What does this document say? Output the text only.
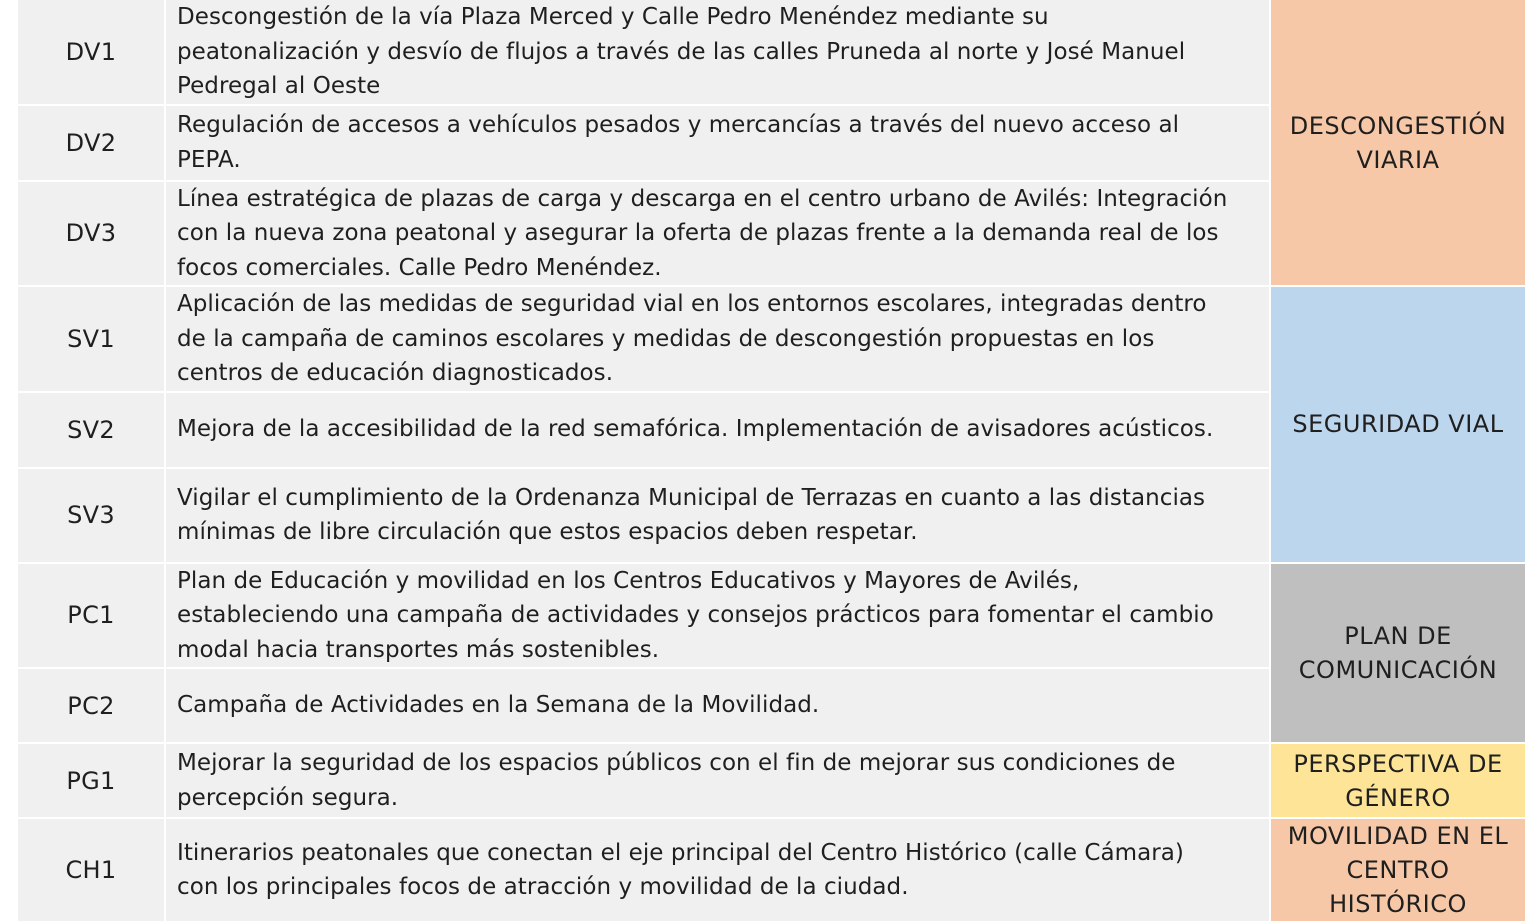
DV1	Descongestión de la vía Plaza Merced y Calle Pedro Menéndez mediante su
peatonalización y desvío de flujos a través de las calles Pruneda al norte y José Manuel
Pedregal al Oeste	DESCONGESTIÓN
VIARIA

DV2	Regulación de accesos a vehículos pesados y mercancías a través del nuevo acceso al
PEPA.	
DV3	Línea estratégica de plazas de carga y descarga en el centro urbano de Avilés: Integración
con la nueva zona peatonal y asegurar la oferta de plazas frente a la demanda real de los
focos comerciales. Calle Pedro Menéndez.	
SV1	Aplicación de las medidas de seguridad vial en los entornos escolares, integradas dentro
de la campaña de caminos escolares y medidas de descongestión propuestas en los
centros de educación diagnosticados.	SEGURIDAD VIAL

SV2	Mejora de la accesibilidad de la red semafórica. Implementación de avisadores acústicos.	
SV3	Vigilar el cumplimiento de la Ordenanza Municipal de Terrazas en cuanto a las distancias
mínimas de libre circulación que estos espacios deben respetar.	
PC1	Plan de Educación y movilidad en los Centros Educativos y Mayores de Avilés,
estableciendo una campaña de actividades y consejos prácticos para fomentar el cambio
modal hacia transportes más sostenibles.	PLAN DE
COMUNICACIÓN

PC2	Campaña de Actividades en la Semana de la Movilidad.	
PG1	Mejorar la seguridad de los espacios públicos con el fin de mejorar sus condiciones de
percepción segura.	PERSPECTIVA DE
GÉNERO

CH1	Itinerarios peatonales que conectan el eje principal del Centro Histórico (calle Cámara)
con los principales focos de atracción y movilidad de la ciudad.	MOVILIDAD EN EL
CENTRO
HISTÓRICO
